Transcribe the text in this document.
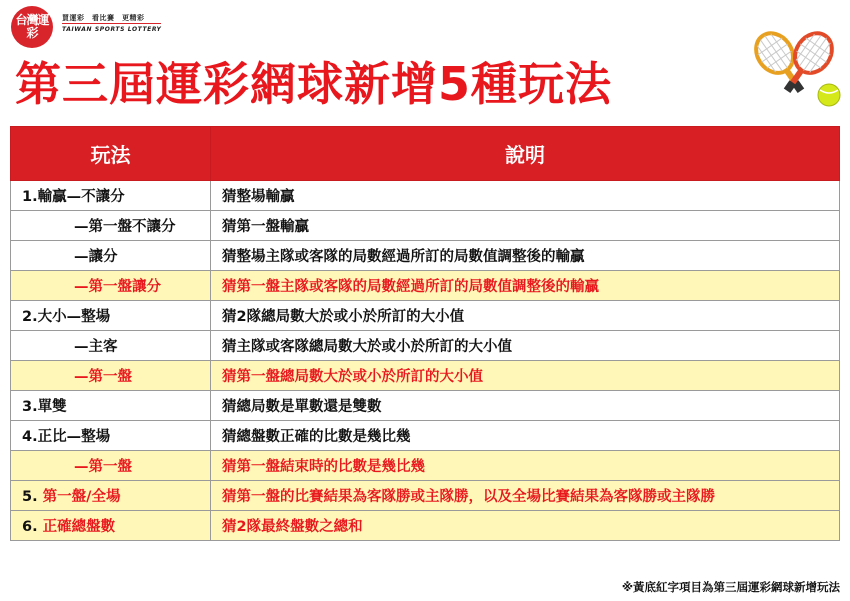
台灣運彩
買運彩　看比賽　更精彩
TAIWAN SPORTS LOTTERY
第三屆運彩網球新增5種玩法
玩法	說明
1.輸贏—不讓分	猜整場輸贏
—第一盤不讓分	猜第一盤輸贏
—讓分	猜整場主隊或客隊的局數經過所訂的局數值調整後的輸贏
—第一盤讓分	猜第一盤主隊或客隊的局數經過所訂的局數值調整後的輸贏
2.大小—整場	猜2隊總局數大於或小於所訂的大小值
—主客	猜主隊或客隊總局數大於或小於所訂的大小值
—第一盤	猜第一盤總局數大於或小於所訂的大小值
3.單雙	猜總局數是單數還是雙數
4.正比—整場	猜總盤數正確的比數是幾比幾
—第一盤	猜第一盤結束時的比數是幾比幾
5. 第一盤/全場	猜第一盤的比賽結果為客隊勝或主隊勝，以及全場比賽結果為客隊勝或主隊勝
6. 正確總盤數	猜2隊最終盤數之總和
※黃底紅字項目為第三屆運彩網球新增玩法
